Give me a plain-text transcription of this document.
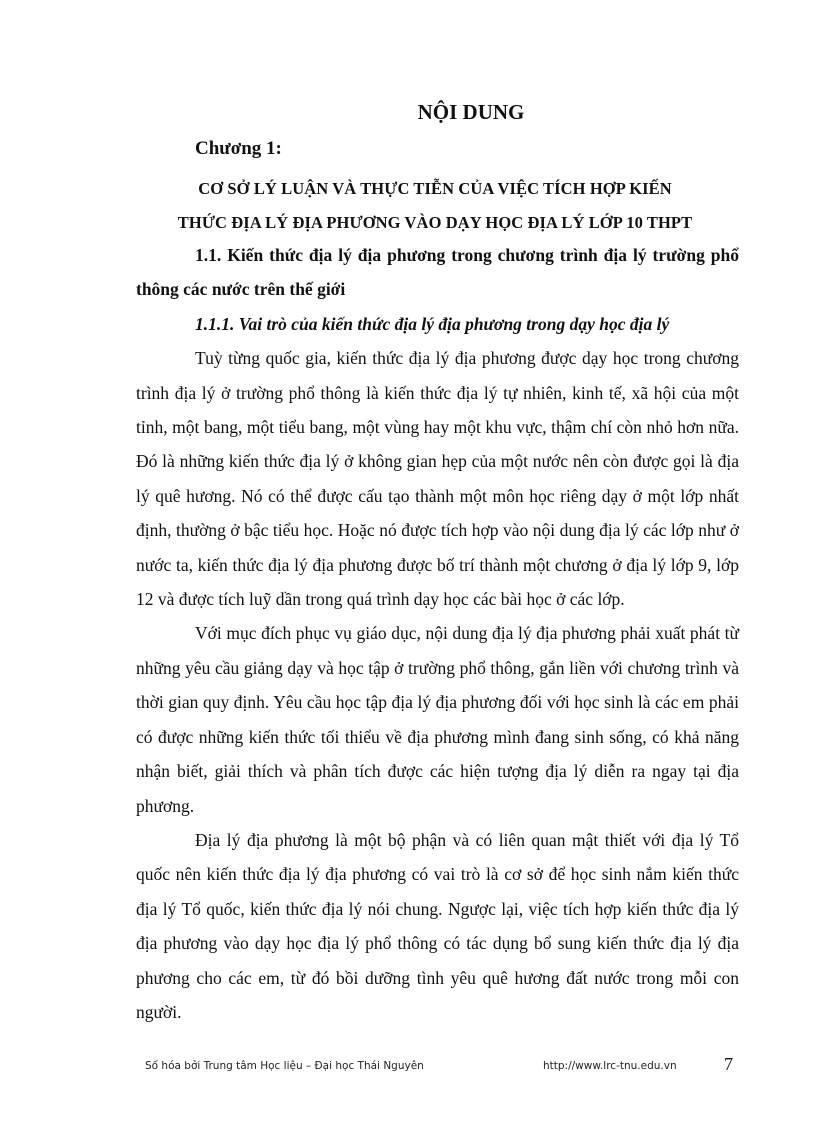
NỘI DUNG
Chương 1:
CƠ SỞ LÝ LUẬN VÀ THỰC TIỄN CỦA VIỆC TÍCH HỢP KIẾN
THỨC ĐỊA LÝ ĐỊA PHƯƠNG VÀO DẠY HỌC ĐỊA LÝ LỚP 10 THPT

1.1. Kiến thức địa lý địa phương trong chương trình địa lý trường phổ thông các nước trên thế giới

1.1.1. Vai trò của kiến thức địa lý địa phương trong dạy học địa lý

Tuỳ từng quốc gia, kiến thức địa lý địa phương được dạy học trong chương trình địa lý ở trường phổ thông là kiến thức địa lý tự nhiên, kinh tế, xã hội của một tỉnh, một bang, một tiểu bang, một vùng hay một khu vực, thậm chí còn nhỏ hơn nữa. Đó là những kiến thức địa lý ở không gian hẹp của một nước nên còn được gọi là địa lý quê hương. Nó có thể được cấu tạo thành một môn học riêng dạy ở một lớp nhất định, thường ở bậc tiểu học. Hoặc nó được tích hợp vào nội dung địa lý các lớp như ở nước ta, kiến thức địa lý địa phương được bố trí thành một chương ở địa lý lớp 9, lớp 12 và được tích luỹ dần trong quá trình dạy học các bài học ở các lớp.

Với mục đích phục vụ giáo dục, nội dung địa lý địa phương phải xuất phát từ những yêu cầu giảng dạy và học tập ở trường phổ thông, gắn liền với chương trình và thời gian quy định. Yêu cầu học tập địa lý địa phương đối với học sinh là các em phải có được những kiến thức tối thiểu về địa phương mình đang sinh sống, có khả năng nhận biết, giải thích và phân tích được các hiện tượng địa lý diễn ra ngay tại địa phương.

Địa lý địa phương là một bộ phận và có liên quan mật thiết với địa lý Tổ quốc nên kiến thức địa lý địa phương có vai trò là cơ sở để học sinh nắm kiến thức địa lý Tổ quốc, kiến thức địa lý nói chung. Ngược lại, việc tích hợp kiến thức địa lý địa phương vào dạy học địa lý phổ thông có tác dụng bổ sung kiến thức địa lý địa phương cho các em, từ đó bồi dưỡng tình yêu quê hương đất nước trong mỗi con người.

Số hóa bởi Trung tâm Học liệu – Đại học Thái Nguyên	http://www.lrc-tnu.edu.vn	7
